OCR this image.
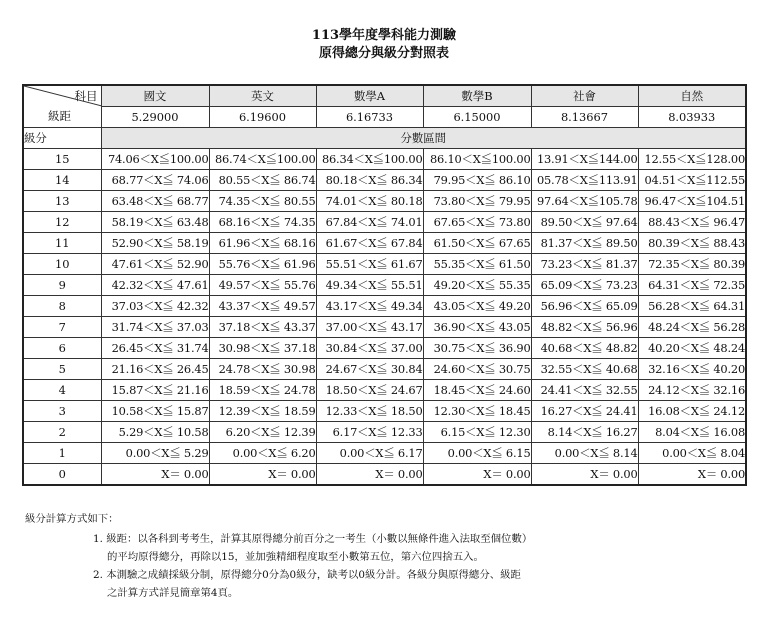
113學年度學科能力測驗
原得總分與級分對照表
科目
級距	國文	英文	數學A	數學B	社會	自然
	5.29000	6.19600	6.16733	6.15000	8.13667	8.03933
級分	分數區間					
15	74.06＜X≦100.00	86.74＜X≦100.00	86.34＜X≦100.00	86.10＜X≦100.00	13.91＜X≦144.00	12.55＜X≦128.00
14	68.77＜X≦ 74.06	80.55＜X≦ 86.74	80.18＜X≦ 86.34	79.95＜X≦ 86.10	05.78＜X≦113.91	04.51＜X≦112.55
13	63.48＜X≦ 68.77	74.35＜X≦ 80.55	74.01＜X≦ 80.18	73.80＜X≦ 79.95	97.64＜X≦105.78	96.47＜X≦104.51
12	58.19＜X≦ 63.48	68.16＜X≦ 74.35	67.84＜X≦ 74.01	67.65＜X≦ 73.80	89.50＜X≦ 97.64	88.43＜X≦ 96.47
11	52.90＜X≦ 58.19	61.96＜X≦ 68.16	61.67＜X≦ 67.84	61.50＜X≦ 67.65	81.37＜X≦ 89.50	80.39＜X≦ 88.43
10	47.61＜X≦ 52.90	55.76＜X≦ 61.96	55.51＜X≦ 61.67	55.35＜X≦ 61.50	73.23＜X≦ 81.37	72.35＜X≦ 80.39
9	42.32＜X≦ 47.61	49.57＜X≦ 55.76	49.34＜X≦ 55.51	49.20＜X≦ 55.35	65.09＜X≦ 73.23	64.31＜X≦ 72.35
8	37.03＜X≦ 42.32	43.37＜X≦ 49.57	43.17＜X≦ 49.34	43.05＜X≦ 49.20	56.96＜X≦ 65.09	56.28＜X≦ 64.31
7	31.74＜X≦ 37.03	37.18＜X≦ 43.37	37.00＜X≦ 43.17	36.90＜X≦ 43.05	48.82＜X≦ 56.96	48.24＜X≦ 56.28
6	26.45＜X≦ 31.74	30.98＜X≦ 37.18	30.84＜X≦ 37.00	30.75＜X≦ 36.90	40.68＜X≦ 48.82	40.20＜X≦ 48.24
5	21.16＜X≦ 26.45	24.78＜X≦ 30.98	24.67＜X≦ 30.84	24.60＜X≦ 30.75	32.55＜X≦ 40.68	32.16＜X≦ 40.20
4	15.87＜X≦ 21.16	18.59＜X≦ 24.78	18.50＜X≦ 24.67	18.45＜X≦ 24.60	24.41＜X≦ 32.55	24.12＜X≦ 32.16
3	10.58＜X≦ 15.87	12.39＜X≦ 18.59	12.33＜X≦ 18.50	12.30＜X≦ 18.45	16.27＜X≦ 24.41	16.08＜X≦ 24.12
2	5.29＜X≦ 10.58	6.20＜X≦ 12.39	6.17＜X≦ 12.33	6.15＜X≦ 12.30	8.14＜X≦ 16.27	8.04＜X≦ 16.08
1	0.00＜X≦ 5.29	0.00＜X≦ 6.20	0.00＜X≦ 6.17	0.00＜X≦ 6.15	0.00＜X≦ 8.14	0.00＜X≦ 8.04
0	X＝ 0.00	X＝ 0.00	X＝ 0.00	X＝ 0.00	X＝ 0.00	X＝ 0.00
級分計算方式如下：
1. 級距：以各科到考考生，計算其原得總分前百分之一考生（小數以無條件進入法取至個位數）
的平均原得總分，再除以15，並加強精細程度取至小數第五位，第六位四捨五入。
2. 本測驗之成績採級分制，原得總分0分為0級分，缺考以0級分計。各級分與原得總分、級距
之計算方式詳見簡章第4頁。
